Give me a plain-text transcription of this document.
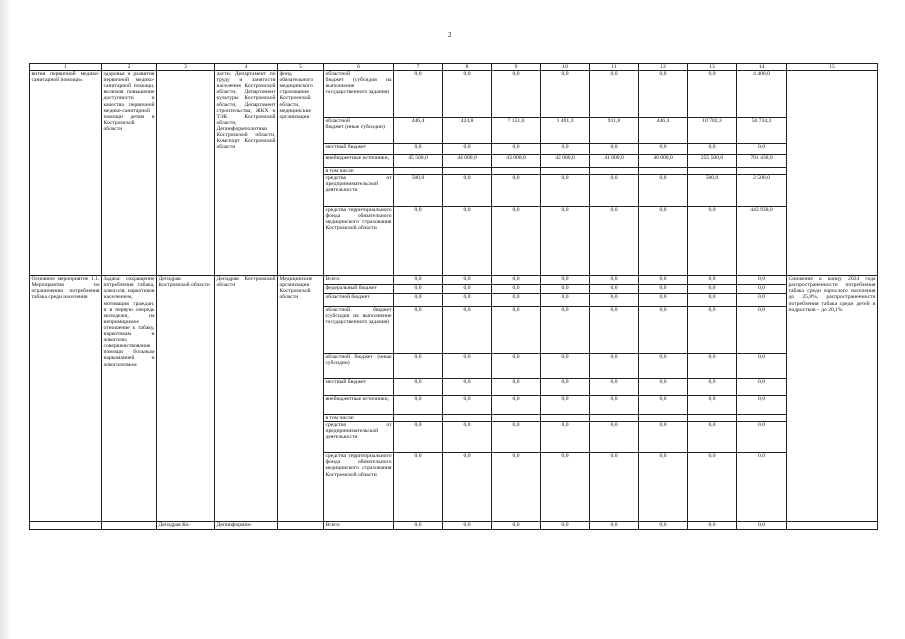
2
1	2	3	4	5	6	7	8	9	10	11	12	13	14	15
вития первичной медико-санитарной помощи»	здоровья и развития первичной медико-санитарной помощи, включая повышение доступности и качества первичной медико-санитарной помощи детям в Костромской области		ласти, Департамент по труду и занятости населения Костромской области, Департамент культуры Костромской области, Департамент строительства, ЖКХ и ТЭК Костромской области, Депинформполитики Костромской области, Комспорт Костромской области	фонд обязательного медицинского страхования Костромской области, медицинские организации	областной
бюджет (субсидия на выполнение государственного задания)	0,0	0,0	0,0	0,0	0,0	0,0	0,0	4 400,0	
					областной
бюджет (иные субсидии)	446,4	424,8	7 151,6	1 401,3	911,8	446,4	10 782,3	56 734,3	
					местный бюджет	0,0	0,0	0,0	0,0	0,0	0,0	0,0	0,0	
					внебюджетные источники,	45 500,0	44 000,0	43 000,0	42 000,0	41 000,0	40 000,0	255 500,0	701 438,0	
					в том числе:									
					средства от предпринимательской деятельности	500,0	0,0	0,0	0,0	0,0	0,0	500,0	2 500,0	
					средства территориального фонда обязательного медицинского страхования Костромской области	0,0	0,0	0,0	0,0	0,0	0,0	0,0	443 938,0	
Основное мероприятие 1.1. Мероприятия по ограничению потребления табака среди населения	Задача: сокращение потребления табака, алкоголя, наркотиков населением, мотивация граждан, и в первую очередь молодежи, на непримиримое отношение к табаку, наркотикам и алкоголю, совершенствование помощи больным наркоманией и алкоголизмом	Депздрав Костромской области	Депздрав Костромской области	Медицинские организации Костромской области	Всего:	0,0	0,0	0,0	0,0	0,0	0,0	0,0	0,0	Снижение к концу 2024 года распространенности потребления табака среди взрослого населения до 25,8%, распространенности потребления табака среди детей и подростков – до 20,1%
					федеральный бюджет	0,0	0,0	0,0	0,0	0,0	0,0	0,0	0,0	
					областной бюджет	0,0	0,0	0,0	0,0	0,0	0,0	0,0	0,0	
					областной бюджет (субсидия на выполнение государственного задания)	0,0	0,0	0,0	0,0	0,0	0,0	0,0	0,0	
					областной бюджет (иные субсидии)	0,0	0,0	0,0	0,0	0,0	0,0	0,0	0,0	
					местный бюджет	0,0	0,0	0,0	0,0	0,0	0,0	0,0	0,0	
					внебюджетные источники,	0,0	0,0	0,0	0,0	0,0	0,0	0,0	0,0	
					в том числе:									
					средства от предпринимательской деятельности	0,0	0,0	0,0	0,0	0,0	0,0	0,0	0,0	
					средства территориального фонда обязательного медицинского страхования Костромской области	0,0	0,0	0,0	0,0	0,0	0,0	0,0	0,0	
		Депздрав Ко-	Депинформпо-		Всего:	0,0	0,0	0,0	0,0	0,0	0,0	0,0	0,0	
